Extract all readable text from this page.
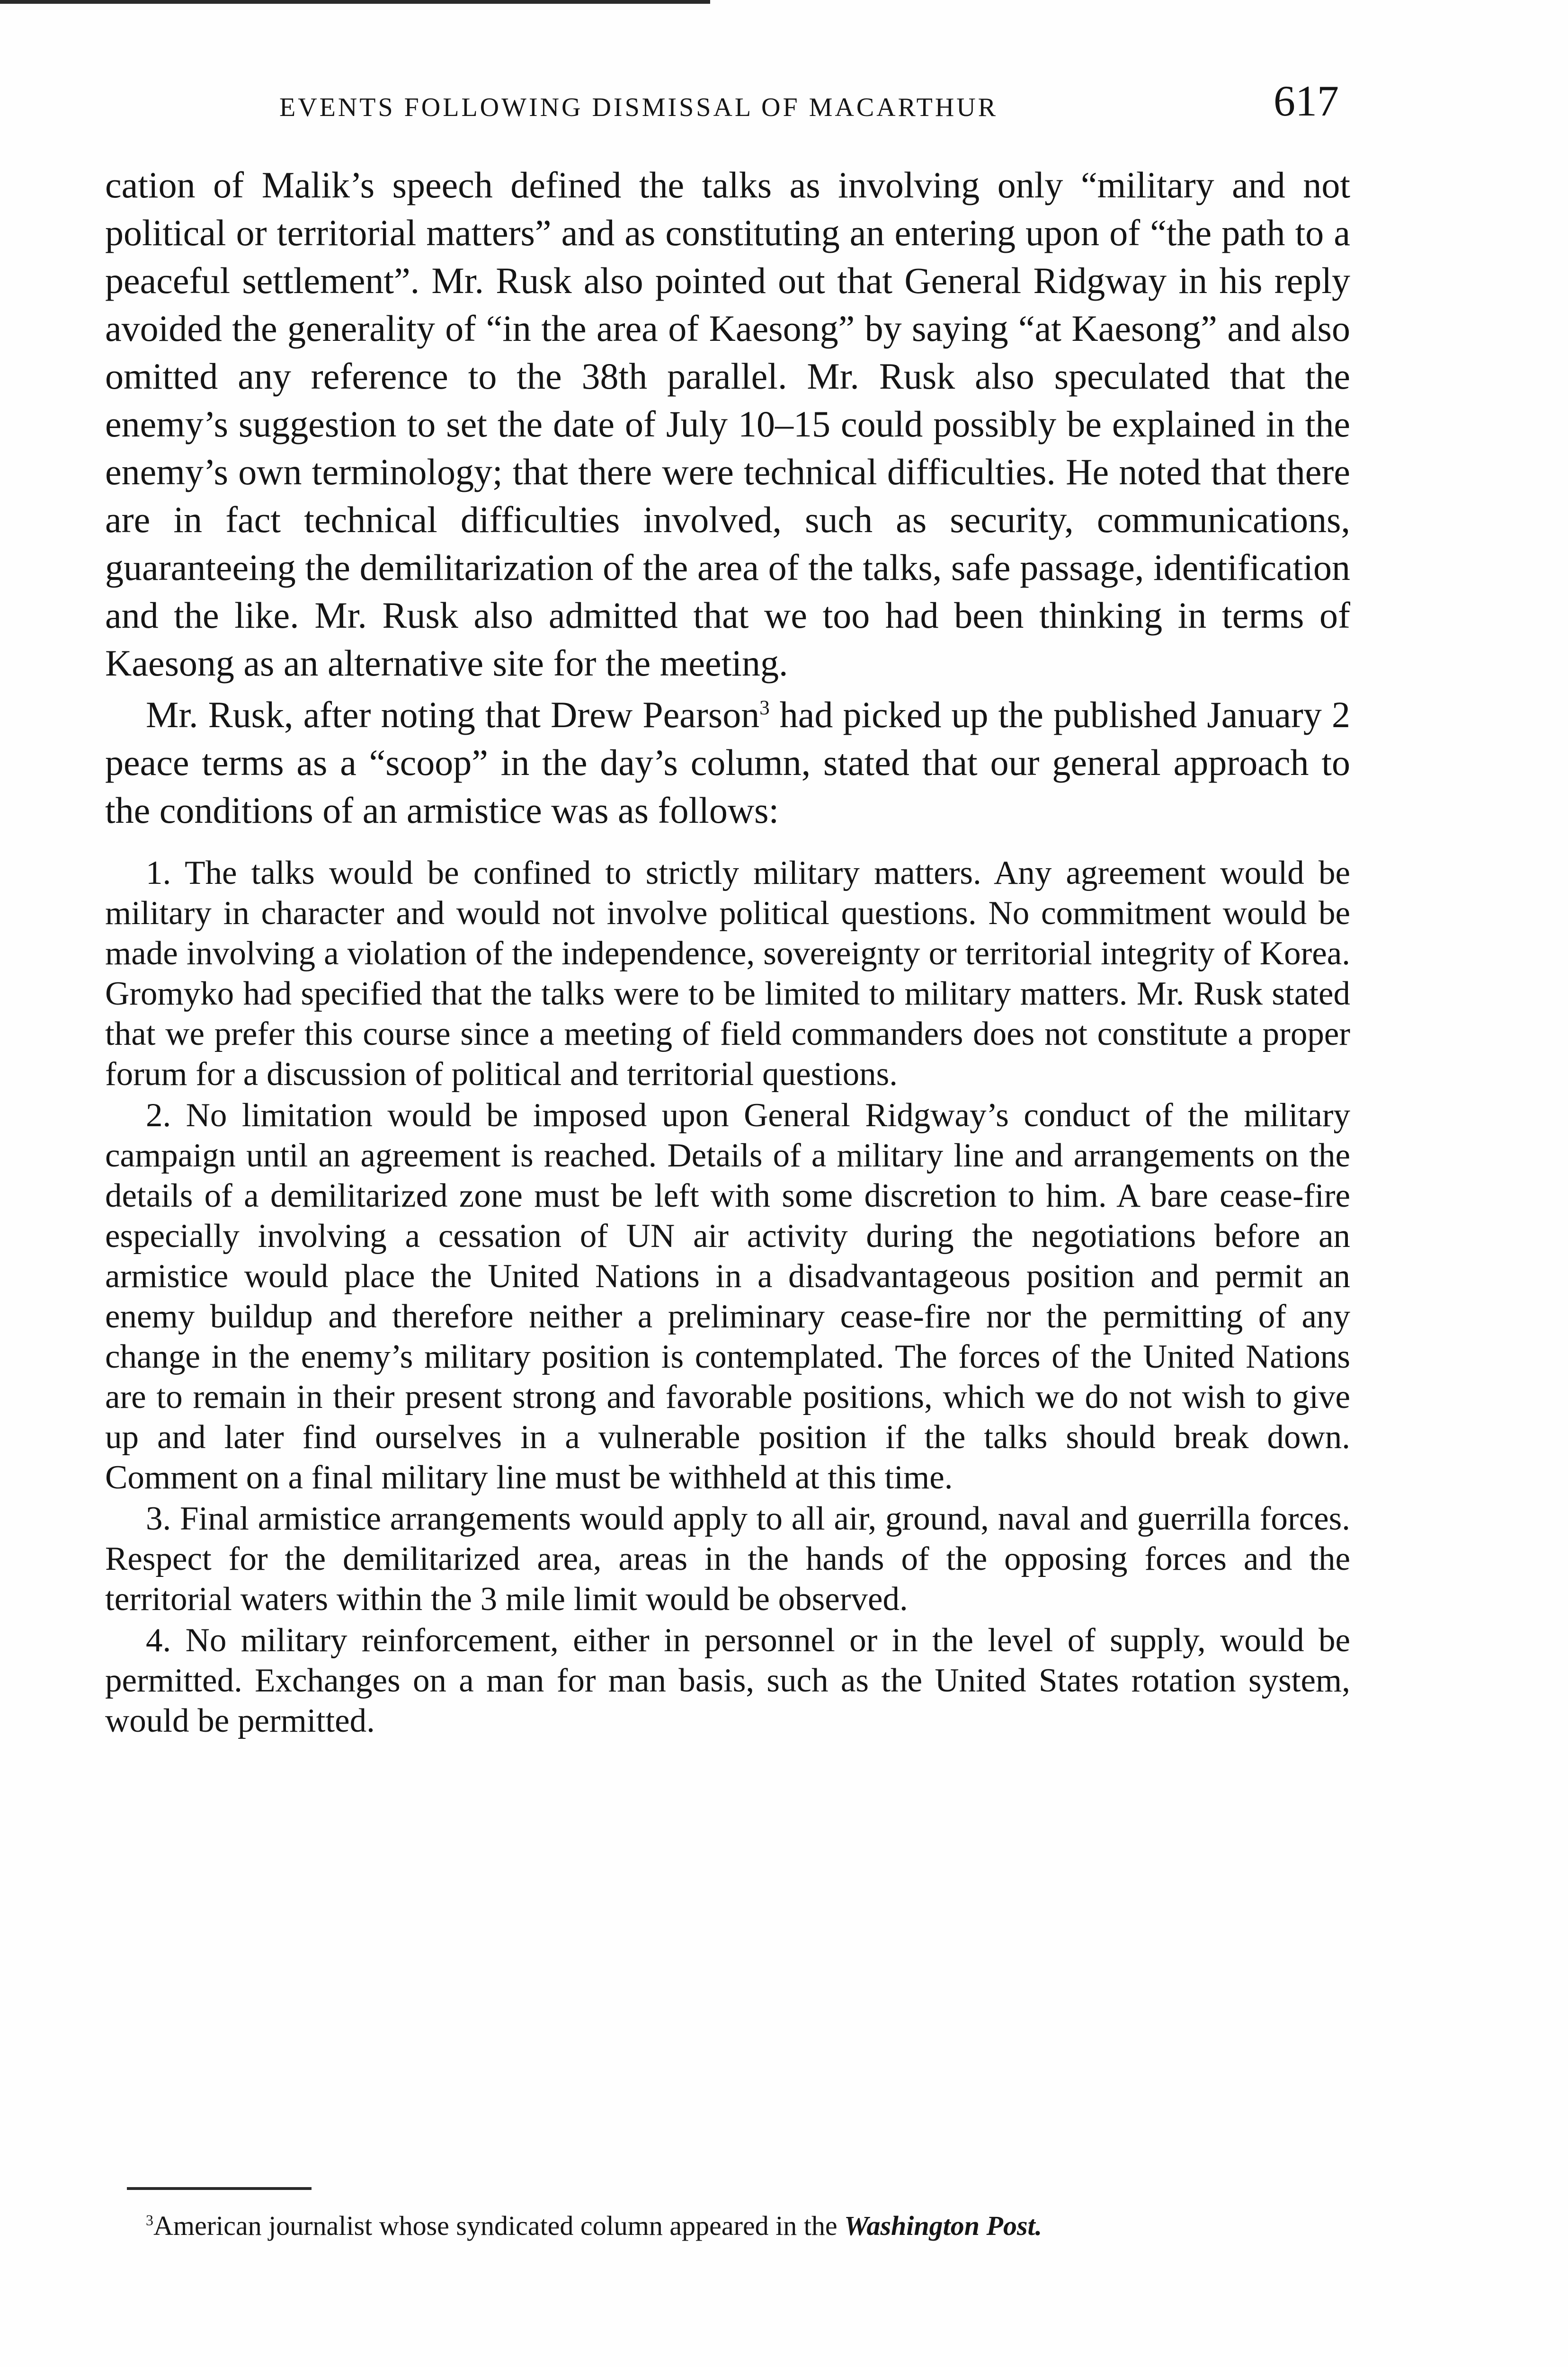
EVENTS FOLLOWING DISMISSAL OF MACARTHUR	617

cation of Malik’s speech defined the talks as involving only “military and not political or territorial matters” and as constituting an entering upon of “the path to a peaceful settlement”. Mr. Rusk also pointed out that General Ridgway in his reply avoided the generality of “in the area of Kaesong” by saying “at Kaesong” and also omitted any reference to the 38th parallel. Mr. Rusk also speculated that the enemy’s suggestion to set the date of July 10–15 could possibly be explained in the enemy’s own terminology; that there were technical difficulties. He noted that there are in fact technical difficulties involved, such as security, communications, guaranteeing the demilitarization of the area of the talks, safe passage, identification and the like. Mr. Rusk also admitted that we too had been thinking in terms of Kaesong as an alternative site for the meeting.

Mr. Rusk, after noting that Drew Pearson$^3$ had picked up the published January 2 peace terms as a “scoop” in the day’s column, stated that our general approach to the conditions of an armistice was as follows:

1. The talks would be confined to strictly military matters. Any agreement would be military in character and would not involve political questions. No commitment would be made involving a violation of the independence, sovereignty or territorial integrity of Korea. Gromyko had specified that the talks were to be limited to military matters. Mr. Rusk stated that we prefer this course since a meeting of field commanders does not constitute a proper forum for a discussion of political and territorial questions.

2. No limitation would be imposed upon General Ridgway’s conduct of the military campaign until an agreement is reached. Details of a military line and arrangements on the details of a demilitarized zone must be left with some discretion to him. A bare cease-fire especially involving a cessation of UN air activity during the negotiations before an armistice would place the United Nations in a disadvantageous position and permit an enemy buildup and therefore neither a preliminary cease-fire nor the permitting of any change in the enemy’s military position is contemplated. The forces of the United Nations are to remain in their present strong and favorable positions, which we do not wish to give up and later find ourselves in a vulnerable position if the talks should break down. Comment on a final military line must be withheld at this time.

3. Final armistice arrangements would apply to all air, ground, naval and guerrilla forces. Respect for the demilitarized area, areas in the hands of the opposing forces and the territorial waters within the 3 mile limit would be observed.

4. No military reinforcement, either in personnel or in the level of supply, would be permitted. Exchanges on a man for man basis, such as the United States rotation system, would be permitted.

$^3$American journalist whose syndicated column appeared in the Washington Post.
